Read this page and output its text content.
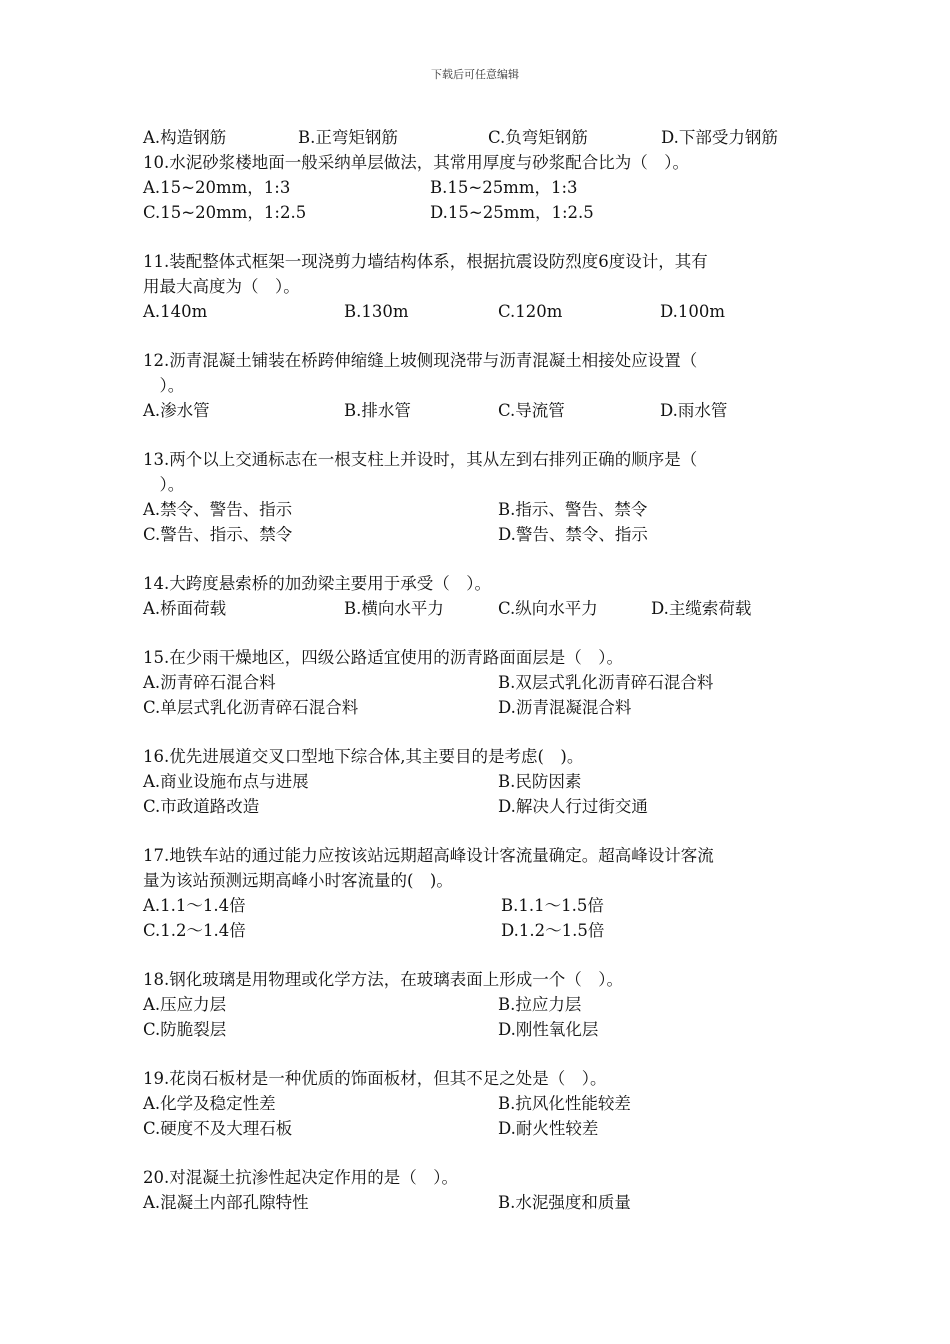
下载后可任意编辑
A.构造钢筋	B.正弯矩钢筋	C.负弯矩钢筋	D.下部受力钢筋
10.水泥砂浆楼地面一般采纳单层做法，其常用厚度与砂浆配合比为（　）。
A.15~20mm，1:3	B.15~25mm，1:3
C.15~20mm，1:2.5	D.15~25mm，1:2.5
11.装配整体式框架一现浇剪力墙结构体系，根据抗震设防烈度6度设计，其有
用最大高度为（　）。
A.140m	B.130m	C.120m	D.100m
12.沥青混凝土铺装在桥跨伸缩缝上坡侧现浇带与沥青混凝土相接处应设置（
　）。
A.渗水管	B.排水管	C.导流管	D.雨水管
13.两个以上交通标志在一根支柱上并设时，其从左到右排列正确的顺序是（
　）。
A.禁令、警告、指示	B.指示、警告、禁令
C.警告、指示、禁令	D.警告、禁令、指示
14.大跨度悬索桥的加劲梁主要用于承受（　）。
A.桥面荷载	B.横向水平力	C.纵向水平力	D.主缆索荷载
15.在少雨干燥地区，四级公路适宜使用的沥青路面面层是（　）。
A.沥青碎石混合料	B.双层式乳化沥青碎石混合料
C.单层式乳化沥青碎石混合料	D.沥青混凝混合料
16.优先进展道交叉口型地下综合体,其主要目的是考虑(　)。
A.商业设施布点与进展	B.民防因素
C.市政道路改造	D.解决人行过街交通
17.地铁车站的通过能力应按该站远期超高峰设计客流量确定。超高峰设计客流
量为该站预测远期高峰小时客流量的(　)。
A.1.1～1.4倍	B.1.1～1.5倍
C.1.2～1.4倍	D.1.2～1.5倍
18.钢化玻璃是用物理或化学方法，在玻璃表面上形成一个（　）。
A.压应力层	B.拉应力层
C.防脆裂层	D.刚性氧化层
19.花岗石板材是一种优质的饰面板材，但其不足之处是（　）。
A.化学及稳定性差	B.抗风化性能较差
C.硬度不及大理石板	D.耐火性较差
20.对混凝土抗渗性起决定作用的是（　）。
A.混凝土内部孔隙特性	B.水泥强度和质量
